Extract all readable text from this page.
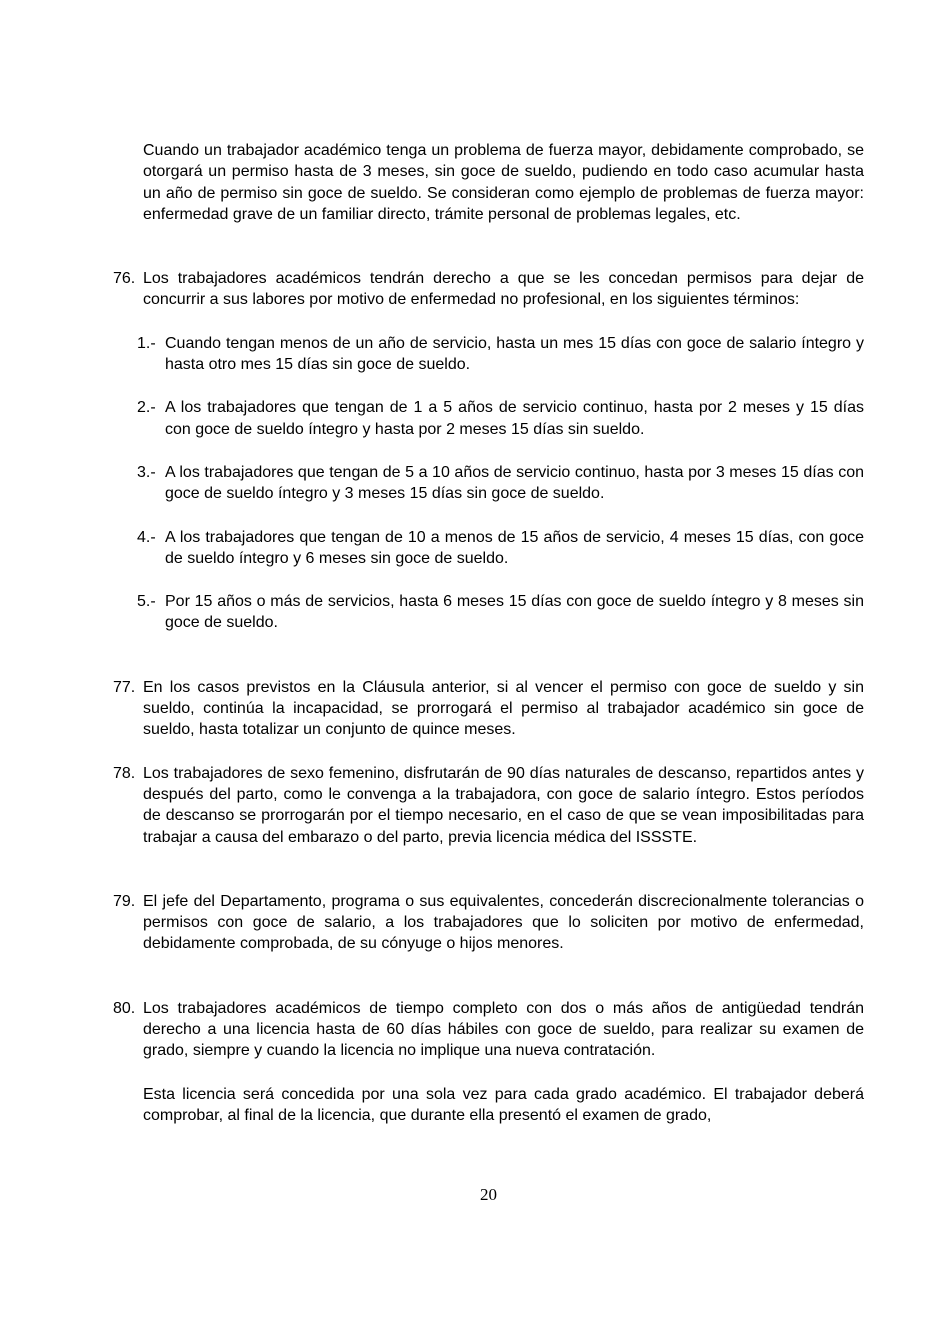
Cuando un trabajador académico tenga un problema de fuerza mayor, debidamente comprobado, se otorgará un permiso hasta de 3 meses, sin goce de sueldo, pudiendo en todo caso acumular hasta un año de permiso sin goce de sueldo. Se consideran como ejemplo de problemas de fuerza mayor: enfermedad grave de un familiar directo, trámite personal de problemas legales, etc.

76. Los trabajadores académicos tendrán derecho a que se les concedan permisos para dejar de concurrir a sus labores por motivo de enfermedad no profesional, en los siguientes términos:

1.- Cuando tengan menos de un año de servicio, hasta un mes 15 días con goce de salario íntegro y hasta otro mes 15 días sin goce de sueldo.

2.- A los trabajadores que tengan de 1 a 5 años de servicio continuo, hasta por 2 meses y 15 días con goce de sueldo íntegro y hasta por 2 meses 15 días sin sueldo.

3.- A los trabajadores que tengan de 5 a 10 años de servicio continuo, hasta por 3 meses 15 días con goce de sueldo íntegro y 3 meses 15 días sin goce de sueldo.

4.- A los trabajadores que tengan de 10 a menos de 15 años de servicio, 4 meses 15 días, con goce de sueldo íntegro y 6 meses sin goce de sueldo.

5.- Por 15 años o más de servicios, hasta 6 meses 15 días con goce de sueldo íntegro y 8 meses sin goce de sueldo.

77. En los casos previstos en la Cláusula anterior, si al vencer el permiso con goce de sueldo y sin sueldo, continúa la incapacidad, se prorrogará el permiso al trabajador académico sin goce de sueldo, hasta totalizar un conjunto de quince meses.

78. Los trabajadores de sexo femenino, disfrutarán de 90 días naturales de descanso, repartidos antes y después del parto, como le convenga a la trabajadora, con goce de salario íntegro. Estos períodos de descanso se prorrogarán por el tiempo necesario, en el caso de que se vean imposibilitadas para trabajar a causa del embarazo o del parto, previa licencia médica del ISSSTE.

79. El jefe del Departamento, programa o sus equivalentes, concederán discrecionalmente tolerancias o permisos con goce de salario, a los trabajadores que lo soliciten por motivo de enfermedad, debidamente comprobada, de su cónyuge o hijos menores.

80. Los trabajadores académicos de tiempo completo con dos o más años de antigüedad tendrán derecho a una licencia hasta de 60 días hábiles con goce de sueldo, para realizar su examen de grado, siempre y cuando la licencia no implique una nueva contratación.

Esta licencia será concedida por una sola vez para cada grado académico. El trabajador deberá comprobar, al final de la licencia, que durante ella presentó el examen de grado,

20
